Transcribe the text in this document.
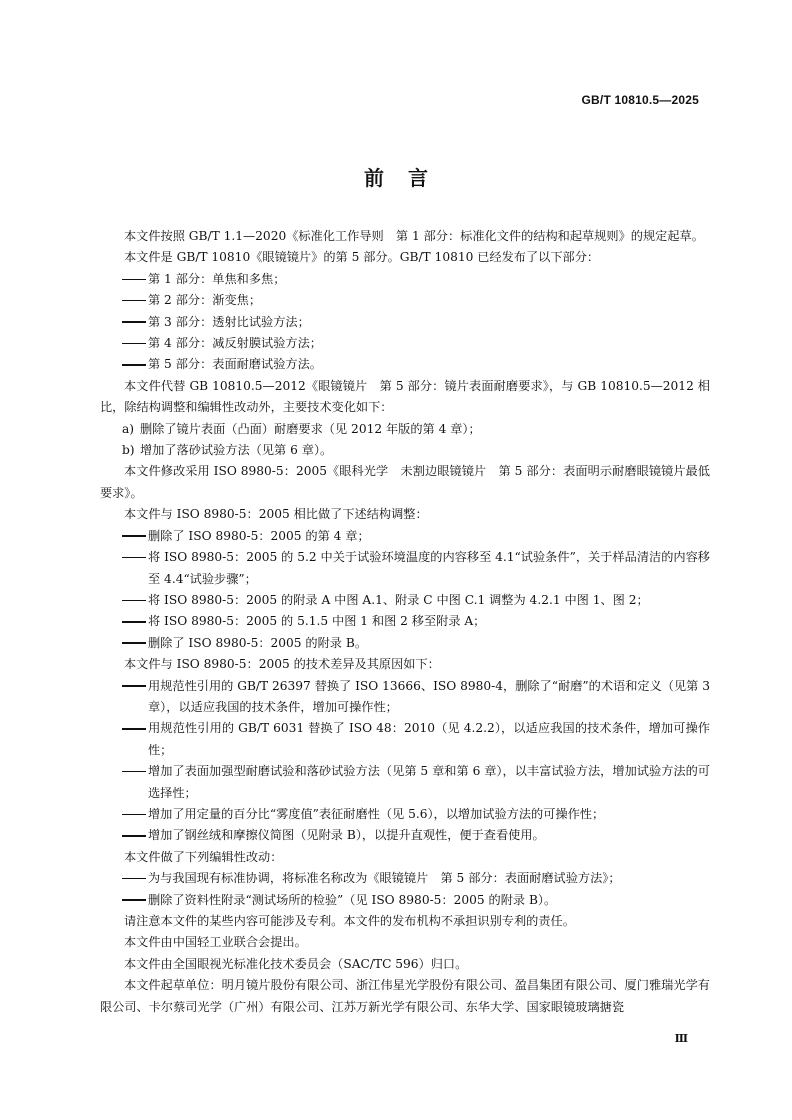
GB/T 10810.5—2025
前言

本文件按照 GB/T 1.1—2020《标准化工作导则　第 1 部分：标准化文件的结构和起草规则》的规定起草。

本文件是 GB/T 10810《眼镜镜片》的第 5 部分。GB/T 10810 已经发布了以下部分：

第 1 部分：单焦和多焦；

第 2 部分：渐变焦；

第 3 部分：透射比试验方法；

第 4 部分：减反射膜试验方法；

第 5 部分：表面耐磨试验方法。

本文件代替 GB 10810.5—2012《眼镜镜片　第 5 部分：镜片表面耐磨要求》，与 GB 10810.5—2012 相比，除结构调整和编辑性改动外，主要技术变化如下：

a) 删除了镜片表面（凸面）耐磨要求（见 2012 年版的第 4 章）；

b) 增加了落砂试验方法（见第 6 章）。

本文件修改采用 ISO 8980-5：2005《眼科光学　未割边眼镜镜片　第 5 部分：表面明示耐磨眼镜镜片最低要求》。

本文件与 ISO 8980-5：2005 相比做了下述结构调整：

删除了 ISO 8980-5：2005 的第 4 章；

将 ISO 8980-5：2005 的 5.2 中关于试验环境温度的内容移至 4.1“试验条件”，关于样品清洁的内容移至 4.4“试验步骤”；

将 ISO 8980-5：2005 的附录 A 中图 A.1、附录 C 中图 C.1 调整为 4.2.1 中图 1、图 2；

将 ISO 8980-5：2005 的 5.1.5 中图 1 和图 2 移至附录 A；

删除了 ISO 8980-5：2005 的附录 B。

本文件与 ISO 8980-5：2005 的技术差异及其原因如下：

用规范性引用的 GB/T 26397 替换了 ISO 13666、ISO 8980-4，删除了“耐磨”的术语和定义（见第 3 章），以适应我国的技术条件，增加可操作性；

用规范性引用的 GB/T 6031 替换了 ISO 48：2010（见 4.2.2），以适应我国的技术条件，增加可操作性；

增加了表面加强型耐磨试验和落砂试验方法（见第 5 章和第 6 章），以丰富试验方法，增加试验方法的可选择性；

增加了用定量的百分比“雾度值”表征耐磨性（见 5.6），以增加试验方法的可操作性；

增加了钢丝绒和摩擦仪简图（见附录 B），以提升直观性，便于查看使用。

本文件做了下列编辑性改动：

为与我国现有标准协调，将标准名称改为《眼镜镜片　第 5 部分：表面耐磨试验方法》；

删除了资料性附录“测试场所的检验”（见 ISO 8980-5：2005 的附录 B）。

请注意本文件的某些内容可能涉及专利。本文件的发布机构不承担识别专利的责任。

本文件由中国轻工业联合会提出。

本文件由全国眼视光标准化技术委员会（SAC/TC 596）归口。

本文件起草单位：明月镜片股份有限公司、浙江伟星光学股份有限公司、盈昌集团有限公司、厦门雅瑞光学有限公司、卡尔蔡司光学（广州）有限公司、江苏万新光学有限公司、东华大学、国家眼镜玻璃搪瓷

Ⅲ
